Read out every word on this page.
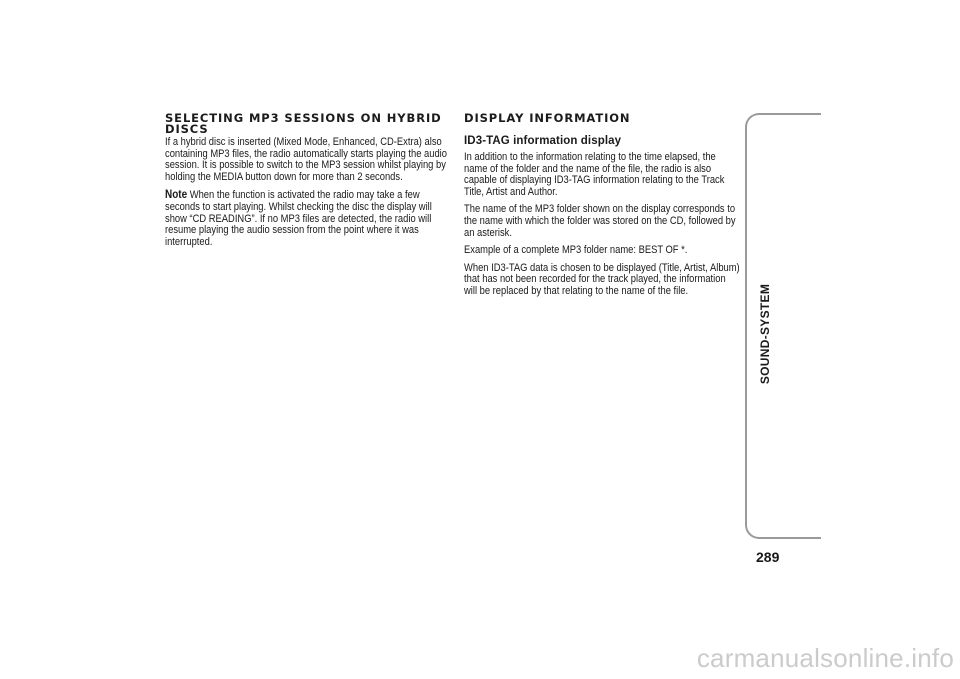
SELECTING MP3 SESSIONS ON HYBRID DISCS

If a hybrid disc is inserted (Mixed Mode, Enhanced, CD-Extra) also containing MP3 files, the radio automatically starts playing the audio session. It is possible to switch to the MP3 session whilst playing by holding the MEDIA button down for more than 2 seconds.

Note When the function is activated the radio may take a few seconds to start playing. Whilst checking the disc the display will show “CD READING”. If no MP3 files are detected, the radio will resume playing the audio session from the point where it was interrupted.

DISPLAY INFORMATION
ID3-TAG information display

In addition to the information relating to the time elapsed, the name of the folder and the name of the file, the radio is also capable of displaying ID3-TAG information relating to the Track Title, Artist and Author.

The name of the MP3 folder shown on the display corresponds to the name with which the folder was stored on the CD, followed by an asterisk.

Example of a complete MP3 folder name: BEST OF *.

When ID3-TAG data is chosen to be displayed (Title, Artist, Album) that has not been recorded for the track played, the information will be replaced by that relating to the name of the file.	SOUND-SYSTEM
289
carmanualsonline.info
